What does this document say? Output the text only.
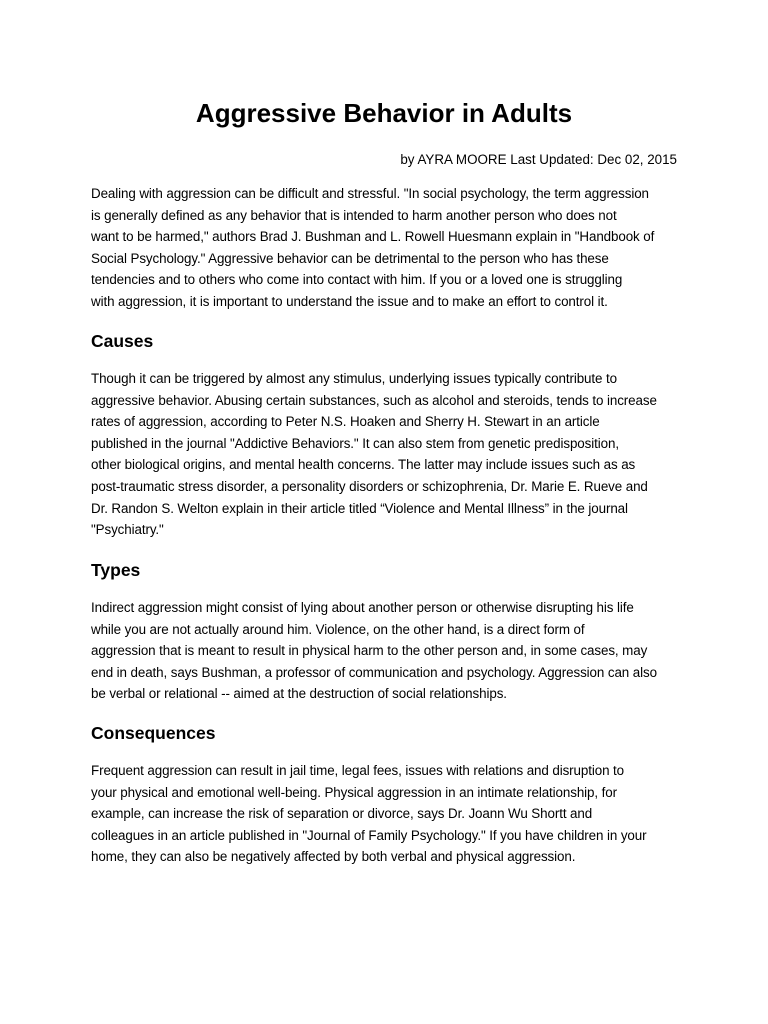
Aggressive Behavior in Adults

by AYRA MOORE Last Updated: Dec 02, 2015

Dealing with aggression can be difficult and stressful. "In social psychology, the term aggression
is generally defined as any behavior that is intended to harm another person who does not
want to be harmed," authors Brad J. Bushman and L. Rowell Huesmann explain in "Handbook of
Social Psychology." Aggressive behavior can be detrimental to the person who has these
tendencies and to others who come into contact with him. If you or a loved one is struggling
with aggression, it is important to understand the issue and to make an effort to control it.

Causes

Though it can be triggered by almost any stimulus, underlying issues typically contribute to
aggressive behavior. Abusing certain substances, such as alcohol and steroids, tends to increase
rates of aggression, according to Peter N.S. Hoaken and Sherry H. Stewart in an article
published in the journal "Addictive Behaviors." It can also stem from genetic predisposition,
other biological origins, and mental health concerns. The latter may include issues such as as
post-traumatic stress disorder, a personality disorders or schizophrenia, Dr. Marie E. Rueve and
Dr. Randon S. Welton explain in their article titled “Violence and Mental Illness” in the journal
"Psychiatry."

Types

Indirect aggression might consist of lying about another person or otherwise disrupting his life
while you are not actually around him. Violence, on the other hand, is a direct form of
aggression that is meant to result in physical harm to the other person and, in some cases, may
end in death, says Bushman, a professor of communication and psychology. Aggression can also
be verbal or relational -- aimed at the destruction of social relationships.

Consequences

Frequent aggression can result in jail time, legal fees, issues with relations and disruption to
your physical and emotional well-being. Physical aggression in an intimate relationship, for
example, can increase the risk of separation or divorce, says Dr. Joann Wu Shortt and
colleagues in an article published in "Journal of Family Psychology." If you have children in your
home, they can also be negatively affected by both verbal and physical aggression.
